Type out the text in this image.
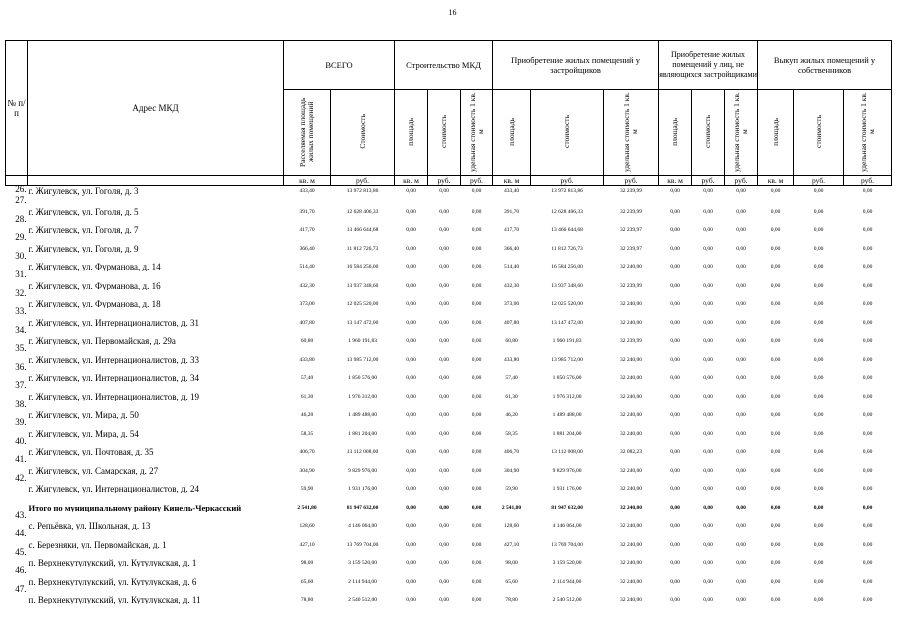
16
№ п/п	Адрес МКД	ВСЕГО		Строительство МКД			Приобретение жилых помещений у застройщиков			Приобретение жилых помещений у лиц, не являющихся застройщиками			Выкуп жилых помещений у собственников		
		Расселяемая площадь жилых помещений	Стоимость	площадь	стоимость	удельная стоимость 1 кв. м	площадь	стоимость	удельная стоимость 1 кв. м	площадь	стоимость	удельная стоимость 1 кв. м	площадь	стоимость	удельная стоимость 1 кв. м
		кв. м	руб.	кв. м	руб.	руб.	кв. м	руб.	руб.	кв. м	руб.	руб.	кв. м	руб.	руб.
26.	г. Жигулевск, ул. Гоголя, д. 3	433,40	13 972 813,86	0,00	0,00	0,00	433,40	13 972 813,86	32 239,99	0,00	0,00	0,00	0,00	0,00	0,00
27.	г. Жигулевск, ул. Гоголя, д. 5	391,70	12 628 406,33	0,00	0,00	0,00	391,70	12 628 406,33	32 239,99	0,00	0,00	0,00	0,00	0,00	0,00
28.	г. Жигулевск, ул. Гоголя, д. 7	417,70	13 466 644,68	0,00	0,00	0,00	417,70	13 466 644,68	32 239,97	0,00	0,00	0,00	0,00	0,00	0,00
29.	г. Жигулевск, ул. Гоголя, д. 9	366,40	11 812 726,73	0,00	0,00	0,00	366,40	11 812 726,73	32 239,97	0,00	0,00	0,00	0,00	0,00	0,00
30.	г. Жигулевск, ул. Фурманова, д. 14	514,40	16 584 256,00	0,00	0,00	0,00	514,40	16 584 256,00	32 240,00	0,00	0,00	0,00	0,00	0,00	0,00
31.	г. Жигулевск, ул. Фурманова, д. 16	432,30	13 937 348,60	0,00	0,00	0,00	432,30	13 937 348,60	32 239,99	0,00	0,00	0,00	0,00	0,00	0,00
32.	г. Жигулевск, ул. Фурманова, д. 18	373,00	12 025 520,00	0,00	0,00	0,00	373,00	12 025 520,00	32 240,00	0,00	0,00	0,00	0,00	0,00	0,00
33.	г. Жигулевск, ул. Интернационалистов, д. 31	407,80	13 147 472,00	0,00	0,00	0,00	407,80	13 147 472,00	32 240,00	0,00	0,00	0,00	0,00	0,00	0,00
34.	г. Жигулевск, ул. Первомайская, д. 29а	60,80	1 960 191,83	0,00	0,00	0,00	60,80	1 960 191,83	32 239,99	0,00	0,00	0,00	0,00	0,00	0,00
35.	г. Жигулевск, ул. Интернационалистов, д. 33	433,80	13 985 712,00	0,00	0,00	0,00	433,80	13 985 712,00	32 240,00	0,00	0,00	0,00	0,00	0,00	0,00
36.	г. Жигулевск, ул. Интернационалистов, д. 34	57,40	1 850 576,00	0,00	0,00	0,00	57,40	1 850 576,00	32 240,00	0,00	0,00	0,00	0,00	0,00	0,00
37.	г. Жигулевск, ул. Интернационалистов, д. 19	61,30	1 976 312,00	0,00	0,00	0,00	61,30	1 976 312,00	32 240,00	0,00	0,00	0,00	0,00	0,00	0,00
38.	г. Жигулевск, ул. Мира, д. 50	46,20	1 489 488,00	0,00	0,00	0,00	46,20	1 489 488,00	32 240,00	0,00	0,00	0,00	0,00	0,00	0,00
39.	г. Жигулевск, ул. Мира, д. 54	58,35	1 881 204,00	0,00	0,00	0,00	58,35	1 881 204,00	32 240,00	0,00	0,00	0,00	0,00	0,00	0,00
40.	г. Жигулевск, ул. Почтовая, д. 35	406,70	13 112 008,00	0,00	0,00	0,00	406,70	13 112 008,00	32 082,23	0,00	0,00	0,00	0,00	0,00	0,00
41.	г. Жигулевск, ул. Самарская, д. 27	304,90	9 829 976,00	0,00	0,00	0,00	304,90	9 829 976,00	32 240,00	0,00	0,00	0,00	0,00	0,00	0,00
42.	г. Жигулевск, ул. Интернационалистов, д. 24	59,90	1 931 176,00	0,00	0,00	0,00	59,90	1 931 176,00	32 240,00	0,00	0,00	0,00	0,00	0,00	0,00
	Итого по муниципальному району Кинель-Черкасский	2 541,80	81 947 632,00	0,00	0,00	0,00	2 541,80	81 947 632,00	32 240,00	0,00	0,00	0,00	0,00	0,00	0,00
43.	с. Репьёвка, ул. Школьная, д. 13	128,60	4 146 064,00	0,00	0,00	0,00	128,60	4 146 064,00	32 240,00	0,00	0,00	0,00	0,00	0,00	0,00
44.	с. Березняки, ул. Первомайская, д. 1	427,10	13 769 704,00	0,00	0,00	0,00	427,10	13 769 704,00	32 240,00	0,00	0,00	0,00	0,00	0,00	0,00
45.	п. Верхнекутулукский, ул. Кутулукская, д. 1	98,00	3 159 520,00	0,00	0,00	0,00	98,00	3 159 520,00	32 240,00	0,00	0,00	0,00	0,00	0,00	0,00
46.	п. Верхнекутулукский, ул. Кутулукская, д. 6	65,60	2 114 944,00	0,00	0,00	0,00	65,60	2 114 944,00	32 240,00	0,00	0,00	0,00	0,00	0,00	0,00
47.	п. Верхнекутулукский, ул. Кутулукская, д. 11	78,80	2 540 512,00	0,00	0,00	0,00	78,80	2 540 512,00	32 240,00	0,00	0,00	0,00	0,00	0,00	0,00
